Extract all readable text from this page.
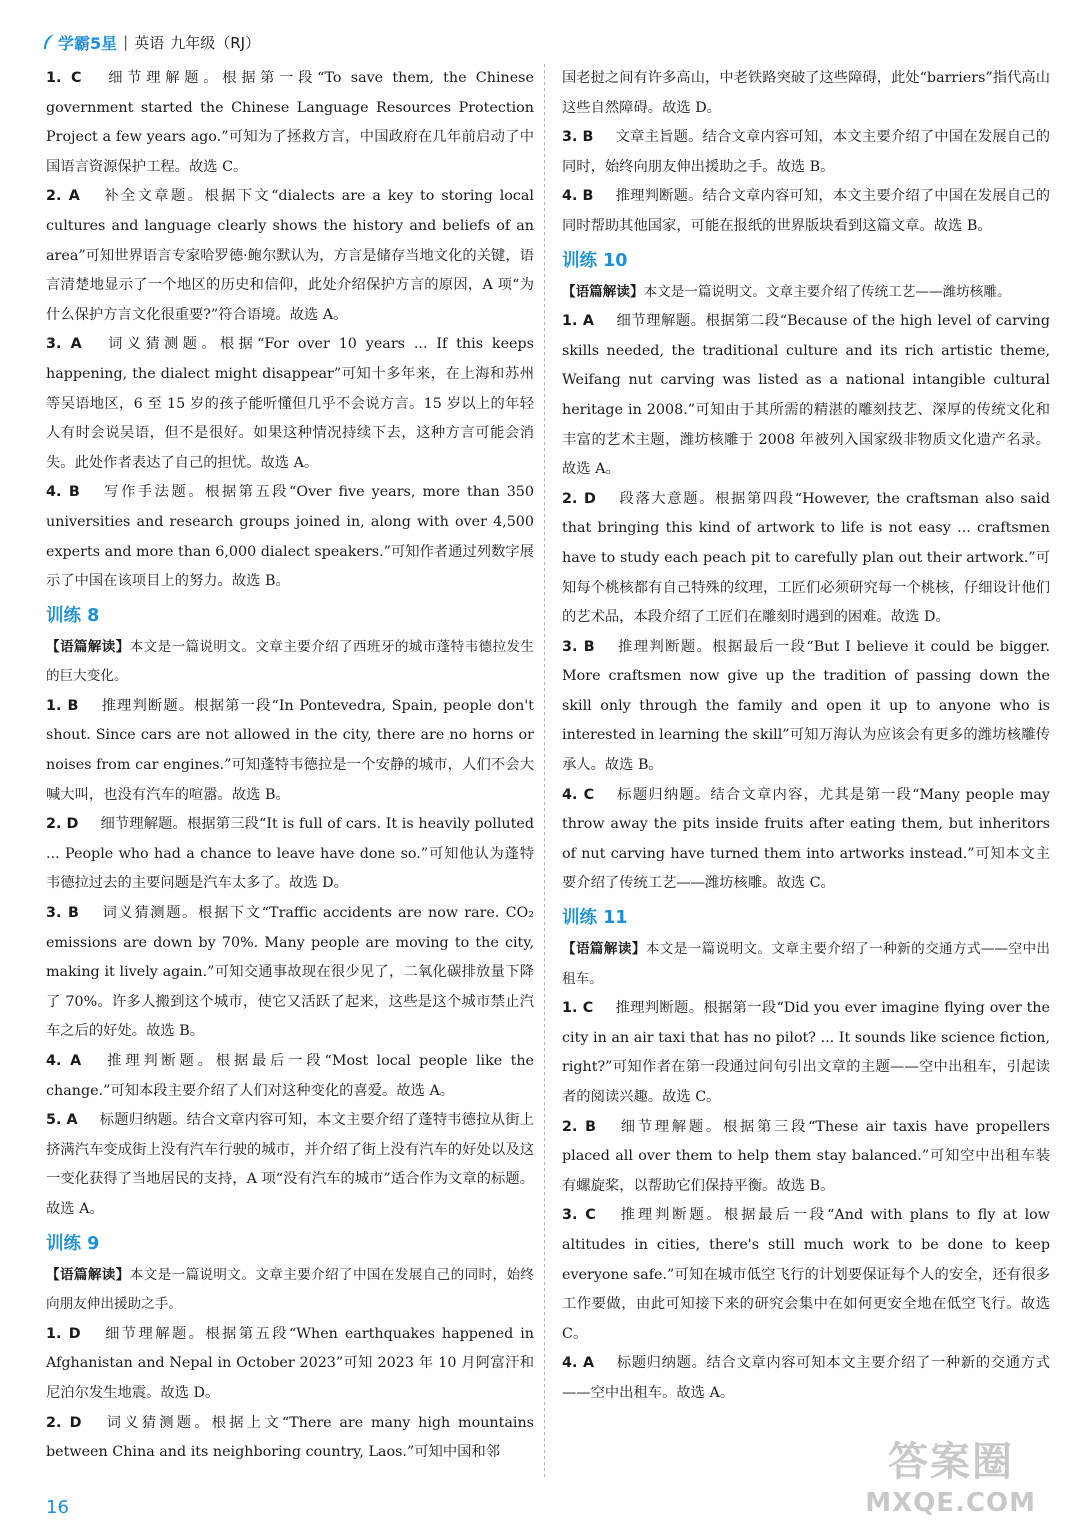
学霸5星 | 英语 九年级（RJ）

1. C 细节理解题。根据第一段“To save them, the Chinese government started the Chinese Language Resources Protection Project a few years ago.”可知为了拯救方言，中国政府在几年前启动了中国语言资源保护工程。故选 C。

2. A 补全文章题。根据下文“dialects are a key to storing local cultures and language clearly shows the history and beliefs of an area”可知世界语言专家哈罗德·鲍尔默认为，方言是储存当地文化的关键，语言清楚地显示了一个地区的历史和信仰，此处介绍保护方言的原因，A 项“为什么保护方言文化很重要?”符合语境。故选 A。

3. A 词义猜测题。根据“For over 10 years ... If this keeps happening, the dialect might disappear”可知十多年来，在上海和苏州等吴语地区，6 至 15 岁的孩子能听懂但几乎不会说方言。15 岁以上的年轻人有时会说吴语，但不是很好。如果这种情况持续下去，这种方言可能会消失。此处作者表达了自己的担忧。故选 A。

4. B 写作手法题。根据第五段“Over five years, more than 350 universities and research groups joined in, along with over 4,500 experts and more than 6,000 dialect speakers.”可知作者通过列数字展示了中国在该项目上的努力。故选 B。

训练 8

【语篇解读】本文是一篇说明文。文章主要介绍了西班牙的城市蓬特韦德拉发生的巨大变化。

1. B 推理判断题。根据第一段“In Pontevedra, Spain, people don't shout. Since cars are not allowed in the city, there are no horns or noises from car engines.”可知蓬特韦德拉是一个安静的城市，人们不会大喊大叫，也没有汽车的喧嚣。故选 B。

2. D 细节理解题。根据第三段“It is full of cars. It is heavily polluted ... People who had a chance to leave have done so.”可知他认为蓬特韦德拉过去的主要问题是汽车太多了。故选 D。

3. B 词义猜测题。根据下文“Traffic accidents are now rare. CO₂ emissions are down by 70%. Many people are moving to the city, making it lively again.”可知交通事故现在很少见了，二氧化碳排放量下降了 70%。许多人搬到这个城市，使它又活跃了起来，这些是这个城市禁止汽车之后的好处。故选 B。

4. A 推理判断题。根据最后一段“Most local people like the change.”可知本段主要介绍了人们对这种变化的喜爱。故选 A。

5. A 标题归纳题。结合文章内容可知，本文主要介绍了蓬特韦德拉从街上挤满汽车变成街上没有汽车行驶的城市，并介绍了街上没有汽车的好处以及这一变化获得了当地居民的支持，A 项“没有汽车的城市”适合作为文章的标题。故选 A。

训练 9

【语篇解读】本文是一篇说明文。文章主要介绍了中国在发展自己的同时，始终向朋友伸出援助之手。

1. D 细节理解题。根据第五段“When earthquakes happened in Afghanistan and Nepal in October 2023”可知 2023 年 10 月阿富汗和尼泊尔发生地震。故选 D。

2. D 词义猜测题。根据上文“There are many high mountains between China and its neighboring country, Laos.”可知中国和邻

国老挝之间有许多高山，中老铁路突破了这些障碍，此处“barriers”指代高山这些自然障碍。故选 D。

3. B 文章主旨题。结合文章内容可知，本文主要介绍了中国在发展自己的同时，始终向朋友伸出援助之手。故选 B。

4. B 推理判断题。结合文章内容可知，本文主要介绍了中国在发展自己的同时帮助其他国家，可能在报纸的世界版块看到这篇文章。故选 B。

训练 10

【语篇解读】本文是一篇说明文。文章主要介绍了传统工艺——潍坊核雕。

1. A 细节理解题。根据第二段“Because of the high level of carving skills needed, the traditional culture and its rich artistic theme, Weifang nut carving was listed as a national intangible cultural heritage in 2008.”可知由于其所需的精湛的雕刻技艺、深厚的传统文化和丰富的艺术主题，潍坊核雕于 2008 年被列入国家级非物质文化遗产名录。故选 A。

2. D 段落大意题。根据第四段“However, the craftsman also said that bringing this kind of artwork to life is not easy ... craftsmen have to study each peach pit to carefully plan out their artwork.”可知每个桃核都有自己特殊的纹理，工匠们必须研究每一个桃核，仔细设计他们的艺术品，本段介绍了工匠们在雕刻时遇到的困难。故选 D。

3. B 推理判断题。根据最后一段“But I believe it could be bigger. More craftsmen now give up the tradition of passing down the skill only through the family and open it up to anyone who is interested in learning the skill”可知万海认为应该会有更多的潍坊核雕传承人。故选 B。

4. C 标题归纳题。结合文章内容，尤其是第一段“Many people may throw away the pits inside fruits after eating them, but inheritors of nut carving have turned them into artworks instead.”可知本文主要介绍了传统工艺——潍坊核雕。故选 C。

训练 11

【语篇解读】本文是一篇说明文。文章主要介绍了一种新的交通方式——空中出租车。

1. C 推理判断题。根据第一段“Did you ever imagine flying over the city in an air taxi that has no pilot? ... It sounds like science fiction, right?”可知作者在第一段通过问句引出文章的主题——空中出租车，引起读者的阅读兴趣。故选 C。

2. B 细节理解题。根据第三段“These air taxis have propellers placed all over them to help them stay balanced.”可知空中出租车装有螺旋桨，以帮助它们保持平衡。故选 B。

3. C 推理判断题。根据最后一段“And with plans to fly at low altitudes in cities, there's still much work to be done to keep everyone safe.”可知在城市低空飞行的计划要保证每个人的安全，还有很多工作要做，由此可知接下来的研究会集中在如何更安全地在低空飞行。故选 C。

4. A 标题归纳题。结合文章内容可知本文主要介绍了一种新的交通方式——空中出租车。故选 A。

16
答案圈
MXQE.COM
